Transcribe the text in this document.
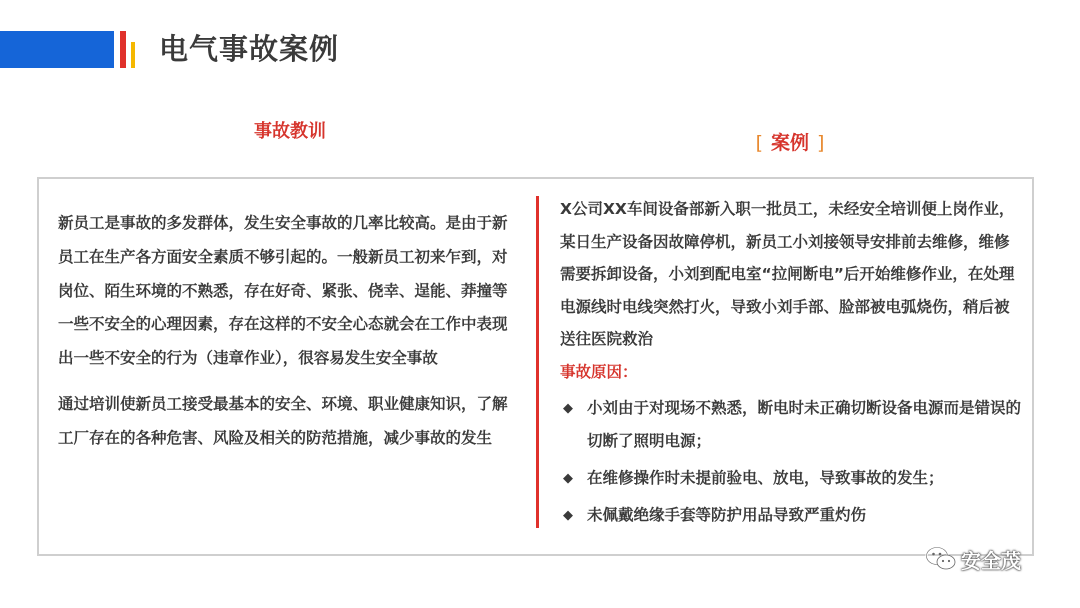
电气事故案例
事故教训
[ 案例 ]

新员工是事故的多发群体，发生安全事故的几率比较高。是由于新员工在生产各方面安全素质不够引起的。一般新员工初来乍到，对岗位、陌生环境的不熟悉，存在好奇、紧张、侥幸、逞能、莽撞等一些不安全的心理因素，存在这样的不安全心态就会在工作中表现出一些不安全的行为（违章作业），很容易发生安全事故

通过培训使新员工接受最基本的安全、环境、职业健康知识，了解工厂存在的各种危害、风险及相关的防范措施，减少事故的发生

X公司XX车间设备部新入职一批员工，未经安全培训便上岗作业，某日生产设备因故障停机，新员工小刘接领导安排前去维修，维修需要拆卸设备，小刘到配电室“拉闸断电”后开始维修作业，在处理电源线时电线突然打火，导致小刘手部、脸部被电弧烧伤，稍后被送往医院救治

事故原因：

◆ 小刘由于对现场不熟悉，断电时未正确切断设备电源而是错误的切断了照明电源；
◆ 在维修操作时未提前验电、放电，导致事故的发生；
◆ 未佩戴绝缘手套等防护用品导致严重灼伤
安全茂
